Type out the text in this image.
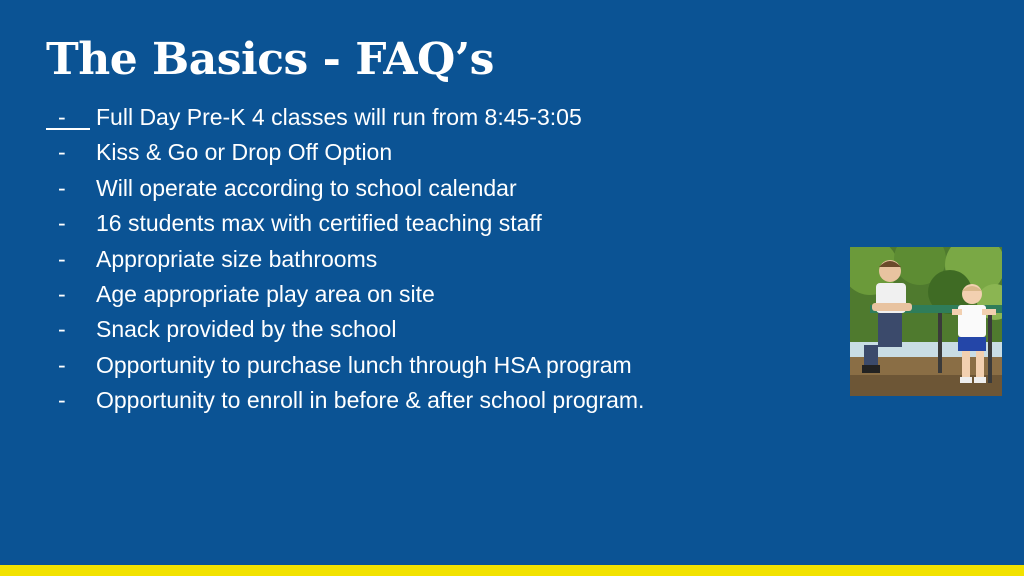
The Basics - FAQ’s
-	Full Day Pre-K 4 classes will run from 8:45-3:05
-	Kiss & Go or Drop Off Option
-	Will operate according to school calendar
-	16 students max with certified teaching staff
-	Appropriate size bathrooms
-	Age appropriate play area on site
-	Snack provided by the school
-	Opportunity to purchase lunch through HSA program
-	Opportunity to enroll in before & after school program.
